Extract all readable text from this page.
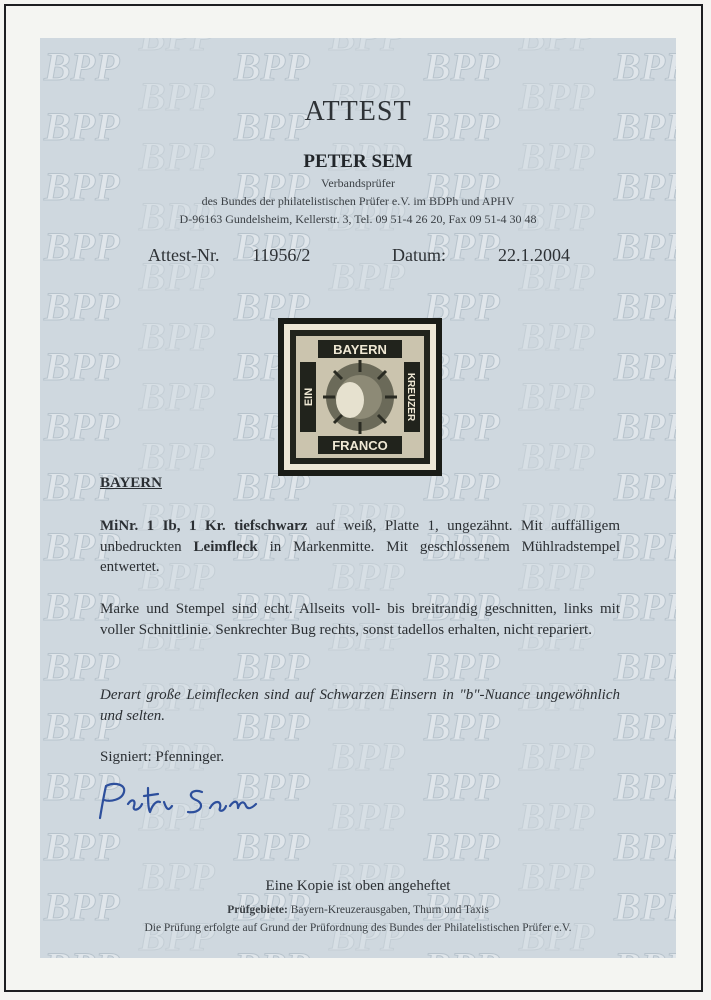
ATTEST
PETER SEM
Verbandsprüfer
des Bundes der philatelistischen Prüfer e.V. im BDPh und APHV
D-96163 Gundelsheim, Kellerstr. 3, Tel. 09 51-4 26 20, Fax 09 51-4 30 48
Attest-Nr. 11956/2	Datum:	22.1.2004
BAYERN
FRANCO
EIN	KREUZER
BAYERN
MiNr. 1 Ib, 1 Kr. tiefschwarz auf weiß, Platte 1, ungezähnt. Mit auffälligem unbedruckten Leimfleck in Markenmitte. Mit geschlossenem Mühlradstempel entwertet.
Marke und Stempel sind echt. Allseits voll- bis breitrandig geschnitten, links mit voller Schnittlinie. Senkrechter Bug rechts, sonst tadellos erhalten, nicht repariert.
Derart große Leimflecken sind auf Schwarzen Einsern in "b"-Nuance ungewöhnlich und selten.
Signiert: Pfenninger.
Eine Kopie ist oben angeheftet
Prüfgebiete: Bayern-Kreuzerausgaben, Thurn und Taxis
Die Prüfung erfolgte auf Grund der Prüfordnung des Bundes der Philatelistischen Prüfer e.V.
